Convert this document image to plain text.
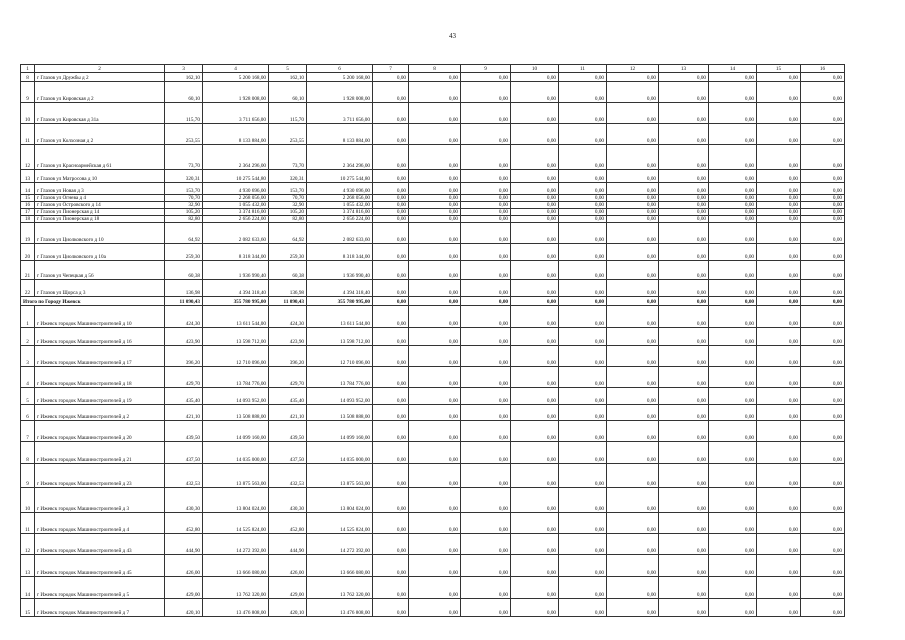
43
1	2	3	4	5	6	7	8	9	10	11	12	13	14	15	16
8	г Глазов ул Дружбы д 2	162,10	5 200 168,00	162,10	5 200 168,00	0,00	0,00	0,00	0,00	0,00	0,00	0,00	0,00	0,00	0,00
9	г Глазов ул Кировская д 2	60,10	1 928 008,00	60,10	1 928 008,00	0,00	0,00	0,00	0,00	0,00	0,00	0,00	0,00	0,00	0,00
10	г Глазов ул Кировская д 31а	115,70	3 711 656,00	115,70	3 711 656,00	0,00	0,00	0,00	0,00	0,00	0,00	0,00	0,00	0,00	0,00
11	г Глазов ул Колхозная д 2	253,55	8 133 884,00	253,55	8 133 884,00	0,00	0,00	0,00	0,00	0,00	0,00	0,00	0,00	0,00	0,00
12	г Глазов ул Красноармейская д 61	73,70	2 364 296,00	73,70	2 364 296,00	0,00	0,00	0,00	0,00	0,00	0,00	0,00	0,00	0,00	0,00
13	г Глазов ул Матросова д 10	320,31	10 275 544,80	320,31	10 275 544,80	0,00	0,00	0,00	0,00	0,00	0,00	0,00	0,00	0,00	0,00
14	г Глазов ул Новая д 3	153,70	4 930 696,00	153,70	4 930 696,00	0,00	0,00	0,00	0,00	0,00	0,00	0,00	0,00	0,00	0,00
15	г Глазов ул Огнева д 4	70,70	2 268 056,00	70,70	2 268 056,00	0,00	0,00	0,00	0,00	0,00	0,00	0,00	0,00	0,00	0,00
16	г Глазов ул Островского д 14	32,90	1 055 432,00	32,90	1 055 432,00	0,00	0,00	0,00	0,00	0,00	0,00	0,00	0,00	0,00	0,00
17	г Глазов ул Пионерская д 14	105,20	3 374 816,00	105,20	3 374 816,00	0,00	0,00	0,00	0,00	0,00	0,00	0,00	0,00	0,00	0,00
18	г Глазов ул Пионерская д 18	82,80	2 656 224,00	82,80	2 656 224,00	0,00	0,00	0,00	0,00	0,00	0,00	0,00	0,00	0,00	0,00
19	г Глазов ул Циолковского д 10	64,92	2 082 633,60	64,92	2 082 633,60	0,00	0,00	0,00	0,00	0,00	0,00	0,00	0,00	0,00	0,00
20	г Глазов ул Циолковского д 10а	259,30	8 318 344,00	259,30	8 318 344,00	0,00	0,00	0,00	0,00	0,00	0,00	0,00	0,00	0,00	0,00
21	г Глазов ул Чепецкая д 56	60,38	1 936 990,40	60,38	1 936 990,40	0,00	0,00	0,00	0,00	0,00	0,00	0,00	0,00	0,00	0,00
22	г Глазов ул Щорса д 3	136,98	4 394 318,40	136,98	4 394 318,40	0,00	0,00	0,00	0,00	0,00	0,00	0,00	0,00	0,00	0,00
Итого по Городу Ижевск		11 090,43	355 780 995,00	11 090,43	355 780 995,00	0,00	0,00	0,00	0,00	0,00	0,00	0,00	0,00	0,00	0,00
1	г Ижевск городок Машиностроителей д 10	424,30	13 611 544,00	424,30	13 611 544,00	0,00	0,00	0,00	0,00	0,00	0,00	0,00	0,00	0,00	0,00
2	г Ижевск городок Машиностроителей д 16	423,90	13 598 712,00	423,90	13 598 712,00	0,00	0,00	0,00	0,00	0,00	0,00	0,00	0,00	0,00	0,00
3	г Ижевск городок Машиностроителей д 17	396,20	12 710 096,00	396,20	12 710 096,00	0,00	0,00	0,00	0,00	0,00	0,00	0,00	0,00	0,00	0,00
4	г Ижевск городок Машиностроителей д 18	429,70	13 784 776,00	429,70	13 784 776,00	0,00	0,00	0,00	0,00	0,00	0,00	0,00	0,00	0,00	0,00
5	г Ижевск городок Машиностроителей д 19	435,40	14 093 952,00	435,40	14 093 952,00	0,00	0,00	0,00	0,00	0,00	0,00	0,00	0,00	0,00	0,00
6	г Ижевск городок Машиностроителей д 2	421,10	13 508 888,00	421,10	13 508 888,00	0,00	0,00	0,00	0,00	0,00	0,00	0,00	0,00	0,00	0,00
7	г Ижевск городок Машиностроителей д 20	439,50	14 099 160,00	439,50	14 099 160,00	0,00	0,00	0,00	0,00	0,00	0,00	0,00	0,00	0,00	0,00
8	г Ижевск городок Машиностроителей д 21	437,50	14 035 000,00	437,50	14 035 000,00	0,00	0,00	0,00	0,00	0,00	0,00	0,00	0,00	0,00	0,00
9	г Ижевск городок Машиностроителей д 23	432,53	13 875 563,00	432,53	13 875 563,00	0,00	0,00	0,00	0,00	0,00	0,00	0,00	0,00	0,00	0,00
10	г Ижевск городок Машиностроителей д 3	430,30	13 804 024,00	430,30	13 804 024,00	0,00	0,00	0,00	0,00	0,00	0,00	0,00	0,00	0,00	0,00
11	г Ижевск городок Машиностроителей д 4	452,80	14 525 824,00	452,80	14 525 824,00	0,00	0,00	0,00	0,00	0,00	0,00	0,00	0,00	0,00	0,00
12	г Ижевск городок Машиностроителей д 43	444,90	14 272 392,00	444,90	14 272 392,00	0,00	0,00	0,00	0,00	0,00	0,00	0,00	0,00	0,00	0,00
13	г Ижевск городок Машиностроителей д 45	426,00	13 666 080,00	426,00	13 666 080,00	0,00	0,00	0,00	0,00	0,00	0,00	0,00	0,00	0,00	0,00
14	г Ижевск городок Машиностроителей д 5	429,00	13 762 320,00	429,00	13 762 320,00	0,00	0,00	0,00	0,00	0,00	0,00	0,00	0,00	0,00	0,00
15	г Ижевск городок Машиностроителей д 7	420,10	13 476 808,00	420,10	13 476 808,00	0,00	0,00	0,00	0,00	0,00	0,00	0,00	0,00	0,00	0,00
